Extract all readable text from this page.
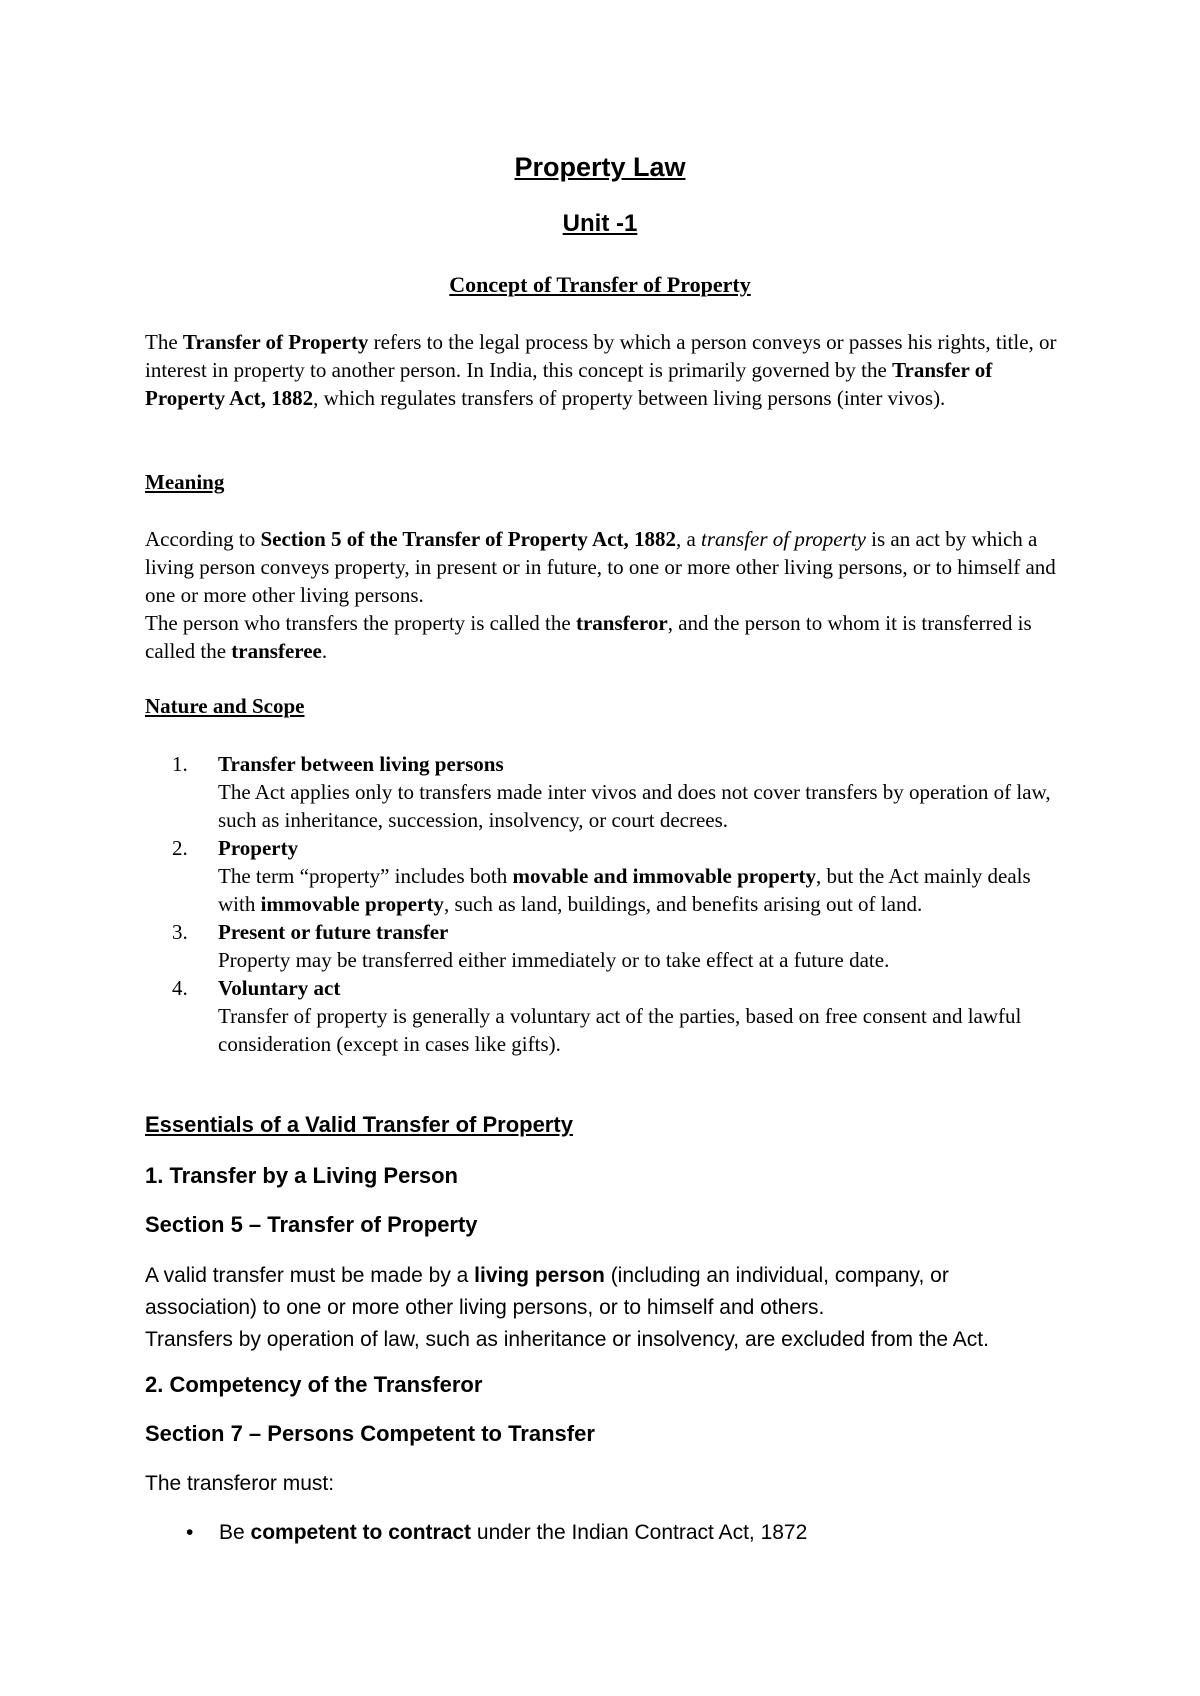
Property Law
Unit -1
Concept of Transfer of Property
The Transfer of Property refers to the legal process by which a person conveys or passes his rights, title, or interest in property to another person. In India, this concept is primarily governed by the Transfer of Property Act, 1882, which regulates transfers of property between living persons (inter vivos).
Meaning
According to Section 5 of the Transfer of Property Act, 1882, a transfer of property is an act by which a living person conveys property, in present or in future, to one or more other living persons, or to himself and one or more other living persons.
The person who transfers the property is called the transferor, and the person to whom it is transferred is called the transferee.
Nature and Scope
1. Transfer between living persons
The Act applies only to transfers made inter vivos and does not cover transfers by operation of law, such as inheritance, succession, insolvency, or court decrees.
2. Property
The term “property” includes both movable and immovable property, but the Act mainly deals with immovable property, such as land, buildings, and benefits arising out of land.
3. Present or future transfer
Property may be transferred either immediately or to take effect at a future date.
4. Voluntary act
Transfer of property is generally a voluntary act of the parties, based on free consent and lawful consideration (except in cases like gifts).
Essentials of a Valid Transfer of Property
1. Transfer by a Living Person
Section 5 – Transfer of Property
A valid transfer must be made by a living person (including an individual, company, or association) to one or more other living persons, or to himself and others.
Transfers by operation of law, such as inheritance or insolvency, are excluded from the Act.
2. Competency of the Transferor
Section 7 – Persons Competent to Transfer
The transferor must:
• Be competent to contract under the Indian Contract Act, 1872
